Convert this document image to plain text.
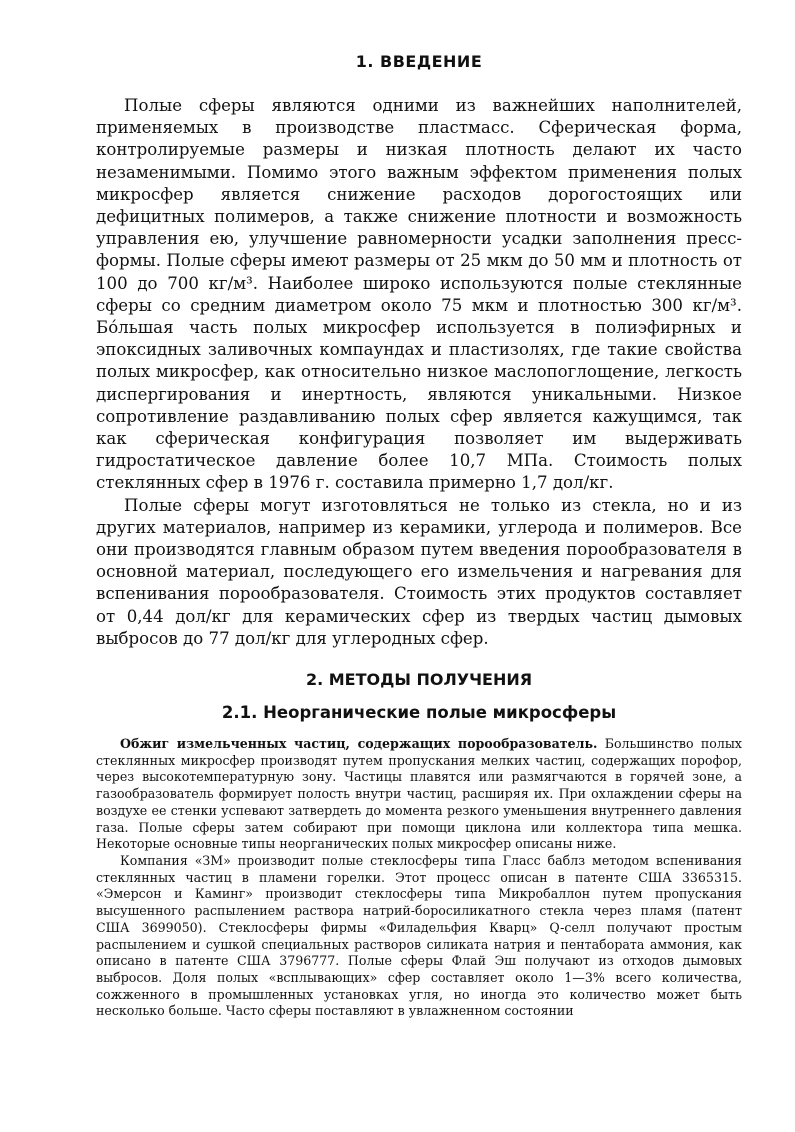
1. ВВЕДЕНИЕ

Полые сферы являются одними из важнейших наполнителей, применяемых в производстве пластмасс. Сферическая форма, контролируемые размеры и низкая плотность делают их часто незаменимыми. Помимо этого важным эффектом применения полых микросфер является снижение расходов дорогостоящих или дефицитных полимеров, а также снижение плотности и возможность управления ею, улучшение равномерности усадки заполнения пресс-формы. Полые сферы имеют размеры от 25 мкм до 50 мм и плотность от 100 до 700 кг/м³. Наиболее широко используются полые стеклянные сферы со средним диаметром около 75 мкм и плотностью 300 кг/м³. Бо́льшая часть полых микросфер используется в полиэфирных и эпоксидных заливочных компаундах и пластизолях, где такие свойства полых микросфер, как относительно низкое маслопоглощение, легкость диспергирования и инертность, являются уникальными. Низкое сопротивление раздавливанию полых сфер является кажущимся, так как сферическая конфигурация позволяет им выдерживать гидростатическое давление более 10,7 МПа. Стоимость полых стеклянных сфер в 1976 г. составила примерно 1,7 дол/кг.

Полые сферы могут изготовляться не только из стекла, но и из других материалов, например из керамики, углерода и полимеров. Все они производятся главным образом путем введения порообразователя в основной материал, последующего его измельчения и нагревания для вспенивания порообразователя. Стоимость этих продуктов составляет от 0,44 дол/кг для керамических сфер из твердых частиц дымовых выбросов до 77 дол/кг для углеродных сфер.

2. МЕТОДЫ ПОЛУЧЕНИЯ
2.1. Неорганические полые микросферы

Обжиг измельченных частиц, содержащих порообразователь. Большинство полых стеклянных микросфер производят путем пропускания мелких частиц, содержащих порофор, через высокотемпературную зону. Частицы плавятся или размягчаются в горячей зоне, а газообразователь формирует полость внутри частиц, расширяя их. При охлаждении сферы на воздухе ее стенки успевают затвердеть до момента резкого уменьшения внутреннего давления газа. Полые сферы затем собирают при помощи циклона или коллектора типа мешка. Некоторые основные типы неорганических полых микросфер описаны ниже.

Компания «ЗМ» производит полые стеклосферы типа Гласс баблз методом вспенивания стеклянных частиц в пламени горелки. Этот процесс описан в патенте США 3365315. «Эмерсон и Каминг» производит стеклосферы типа Микробаллон путем пропускания высушенного распылением раствора натрий-боросиликатного стекла через пламя (патент США 3699050). Стеклосферы фирмы «Филадельфия Кварц» Q-селл получают простым распылением и сушкой специальных растворов силиката натрия и пентабората аммония, как описано в патенте США 3796777. Полые сферы Флай Эш получают из отходов дымовых выбросов. Доля полых «всплывающих» сфер составляет около 1—3% всего количества, сожженного в промышленных установках угля, но иногда это количество может быть несколько больше. Часто сферы поставляют в увлажненном состоянии
